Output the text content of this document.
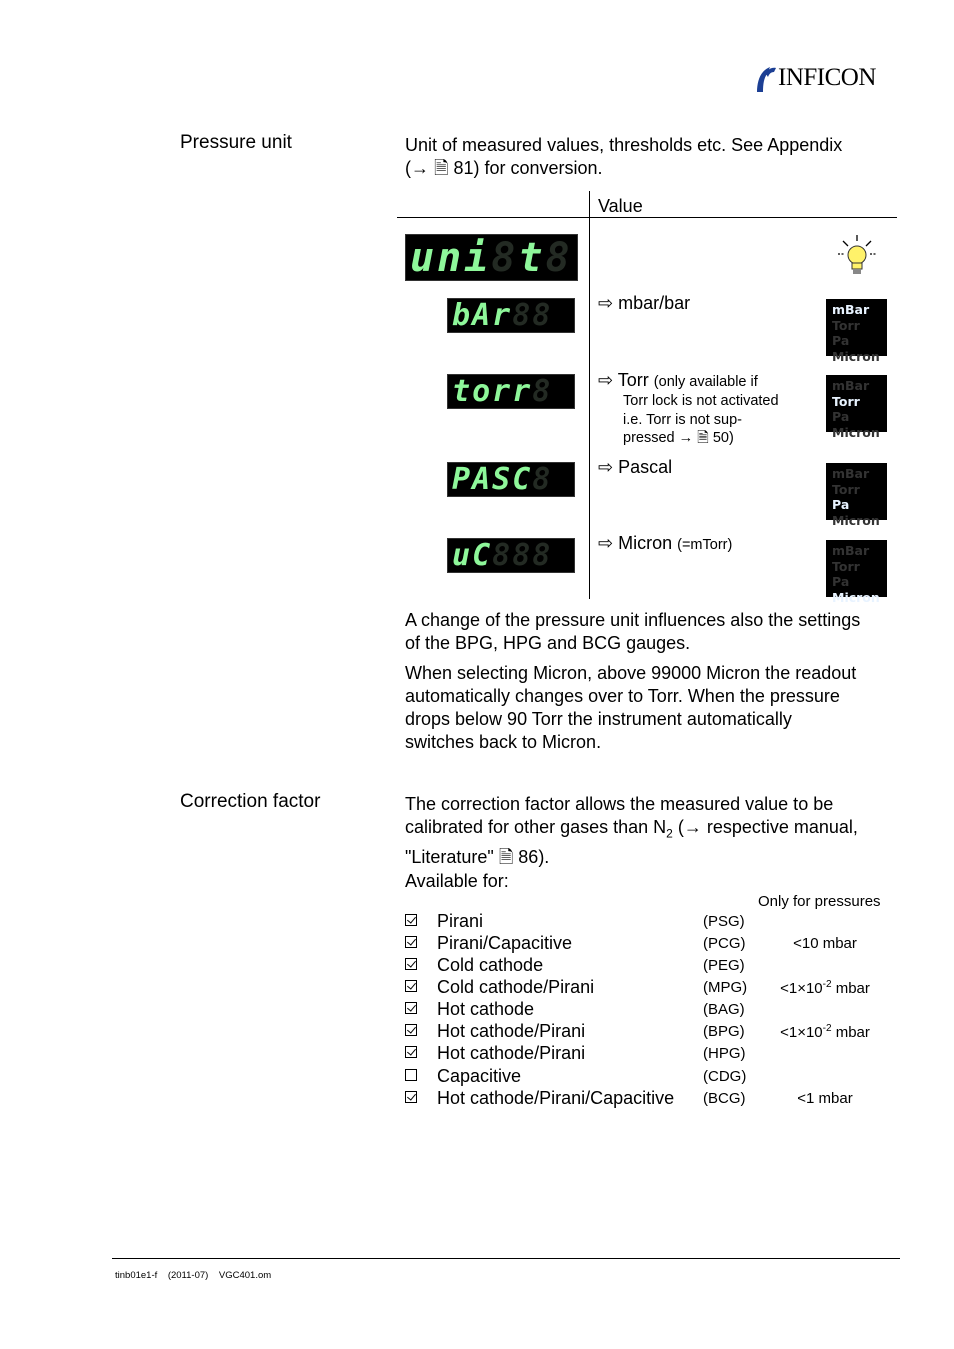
INFICON
Pressure unit	Unit of measured values, thresholds etc. See Appendix
(→ 🗎 81) for conversion.
Value
u n i 8 t 8
b A r 8 8	⇨ mbar/bar	mBar
Torr Pa
Micron
t o r r 8	⇨ Torr (only available if
Torr lock is not activated
i.e. Torr is not sup-
pressed → 🗎 50)
mBar
Torr Pa
Micron
P A S C 8	⇨ Pascal	mBar
Torr Pa
Micron
u C 8 8 8	⇨ Micron (=mTorr)	mBar
Torr Pa
Micron
A change of the pressure unit influences also the settings
of the BPG, HPG and BCG gauges.
When selecting Micron, above 99000 Micron the readout
automatically changes over to Torr. When the pressure
drops below 90 Torr the instrument automatically
switches back to Micron.
Correction factor	The correction factor allows the measured value to be
calibrated for other gases than $N_2$ (→ respective manual,
"Literature" 🗎 86).
Available for:
Only for pressures
Pirani	(PSG)
Pirani/Capacitive	(PCG)	<10 mbar
Cold cathode	(PEG)
Cold cathode/Pirani	(MPG)	$<1\times 10^{-2}$ mbar
Hot cathode	(BAG)
Hot cathode/Pirani	(BPG)	$<1\times 10^{-2}$ mbar
Hot cathode/Pirani	(HPG)
Capacitive	(CDG)
Hot cathode/Pirani/Capacitive (BCG)	<1 mbar
tinb01e1-f (2011-07) VGC401.om
